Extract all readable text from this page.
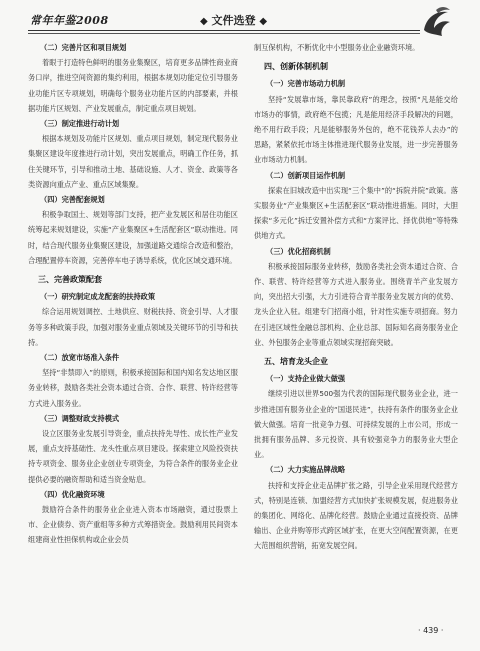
常年年鉴2008	◆ 文件选登 ◆

（二）完善片区和项目规划

着眼于打造特色鲜明的服务业集聚区，培育更多品牌性商业商务口岸，推进空间资源的集约利用，根据本规划功能定位引导服务业功能片区专项规划，明确每个服务业功能片区的内部要素，并根据功能片区规划、产业发展重点，制定重点项目规划。

（三）制定推进行动计划

根据本规划及功能片区规划、重点项目规划，制定现代服务业集聚区建设年度推进行动计划，突出发展重点，明确工作任务，抓住关键环节，引导和推动土地、基础设施、人才、资金、政策等各类资源向重点产业、重点区域集聚。

（四）完善配套规划

积极争取国土、规划等部门支持，把产业发展区和居住功能区统筹起来规划建设，实施“产业集聚区+生活配套区”联动推进。同时，结合现代服务业集聚区建设，加强道路交通综合改造和整治，合理配置停车资源，完善停车电子诱导系统，优化区域交通环境。

三、完善政策配套

（一）研究制定成龙配套的扶持政策

综合运用规划调控、土地供应、财税扶持、资金引导、人才服务等多种政策手段，加强对服务业重点领域及关键环节的引导和扶持。

（二）放宽市场准入条件

坚持“非禁即入”的原则，积极承接国际和国内知名发达地区服务业转移，鼓励各类社会资本通过合资、合作、联营、特许经营等方式进入服务业。

（三）调整财政支持模式

设立区服务业发展引导资金，重点扶持先导性、成长性产业发展，重点支持基础性、龙头性重点项目建设。探索建立风险投资扶持专项资金、服务业企业创业专项资金，为符合条件的服务业企业提供必要的融资帮助和适当资金贴息。

（四）优化融资环境

鼓励符合条件的服务业企业进入资本市场融资，通过股票上市、企业债券、资产重组等多种方式筹措资金。鼓励利用民间资本组建商业性担保机构或企业会员

制互保机构，不断优化中小型服务业企业融资环境。

四、创新体制机制

（一）完善市场动力机制

坚持“发展靠市场，靠民靠政府”的理念，按照“凡是能交给市场办的事情，政府绝不包揽；凡是能用经济手段解决的问题，绝不用行政手段；凡是能够服务外包的，绝不花钱养人去办”的思路，紧紧依托市场主体推进现代服务业发展，进一步完善服务业市场动力机制。

（二）创新项目运作机制

探索在旧城改造中出实现“三个集中”的“拆院并院”政策。落实服务业“产业集聚区+生活配套区”联动推进措施。同时，大胆探索“多元化”拆迁安置补偿方式和“方案评比、择优供地”等特殊供地方式。

（三）优化招商机制

积极承接国际服务业转移，鼓励各类社会资本通过合资、合作、联营、特许经营等方式进入服务业。围绕青羊产业发展方向，突出招大引强，大力引进符合青羊服务业发展方向的优势、龙头企业入驻。组建专门招商小组，针对性实施专项招商。努力在引进区域性金融总部机构、企业总部、国际知名商务服务业企业、外包服务企业等重点领域实现招商突破。

五、培育龙头企业

（一）支持企业做大做强

继续引进以世界500强为代表的国际现代服务业企业，进一步推进国有服务业企业的“国退民进”，扶持有条件的服务业企业做大做强。培育一批竞争力强、可持续发展的上市公司，形成一批拥有服务品牌、多元投资、具有较强竞争力的服务业大型企业。

（二）大力实施品牌战略

扶持和支持企业走品牌扩张之路，引导企业采用现代经营方式，特别是连锁、加盟经营方式加快扩张规模发展，促进服务业的集团化、网络化、品牌化经营。鼓励企业通过直接投资、品牌输出、企业并购等形式跨区域扩张，在更大空间配置资源，在更大范围组织营销，拓宽发展空间。

· 439 ·
